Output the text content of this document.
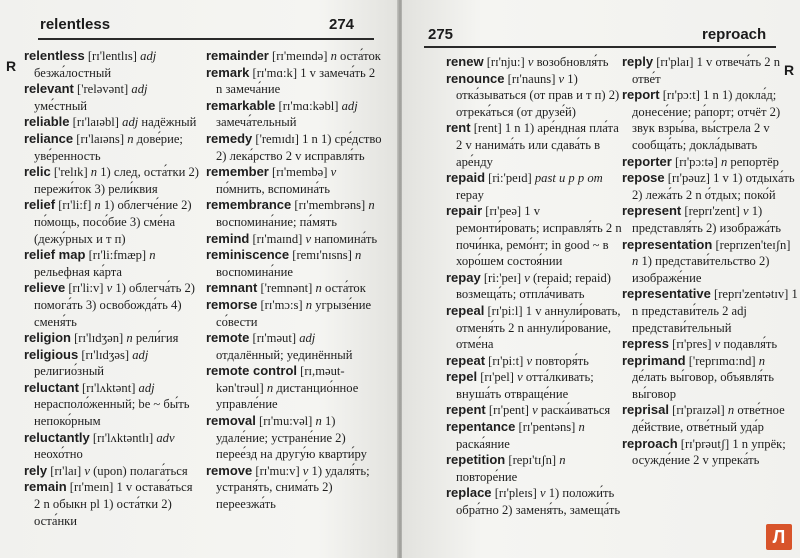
relentless	274
R

relentless [rɪ'lentlɪs] adj безжа́лостный

relevant ['relәvәnt] adj уме́стный

reliable [rɪ'laɪәbl] adj надёжный

reliance [rɪ'laɪәns] n дове́рие; уве́ренность

relic ['relɪk] n 1) след, оста́тки 2) пережи́ток 3) рели́квия

relief [rɪ'li:f] n 1) облегче́ние 2) по́мощь, посо́бие 3) сме́на (дежу́рных и т п)

relief map [rɪ'li:fmæp] n рельефная ка́рта

relieve [rɪ'li:v] v 1) облегча́ть 2) помога́ть 3) освобожда́ть 4) сменя́ть

religion [rɪ'lɪdʒәn] n рели́гия

religious [rɪ'lɪdʒәs] adj религио́зный

reluctant [rɪ'lʌktәnt] adj нерасполо́женный; be ~ бы́ть непоко́рным

reluctantly [rɪ'lʌktәntlɪ] adv неохо́тно

rely [rɪ'laɪ] v (upon) полага́ться

remain [rɪ'meɪn] 1 v остава́ться 2 n обыкн pl 1) оста́тки 2) оста́нки

remainder [rɪ'meɪndә] n оста́ток

remark [rɪ'mɑ:k] 1 v замеча́ть 2 n замеча́ние

remarkable [rɪ'mɑ:kәbl] adj замеча́тельный

remedy ['remɪdɪ] 1 n 1) сре́дство 2) лека́рство 2 v исправля́ть

remember [rɪ'membә] v по́мнить, вспомина́ть

remembrance [rɪ'membrәns] n воспомина́ние; па́мять

remind [rɪ'maɪnd] v напомина́ть

reminiscence [remɪ'nɪsns] n воспомина́ние

remnant ['remnәnt] n оста́ток

remorse [rɪ'mɔ:s] n угрызе́ние со́вести

remote [rɪ'mәut] adj отдалённый; уединённый

remote control [rɪ,mәut-kәn'trәul] n дистанцио́нное управле́ние

removal [rɪ'mu:vәl] n 1) удале́ние; устране́ние 2) перее́зд на другу́ю кварти́ру

remove [rɪ'mu:v] v 1) удаля́ть; устраня́ть, снима́ть 2) переезжа́ть

275	reproach
R

renew [rɪ'nju:] v возобновля́ть

renounce [rɪ'nauns] v 1) отка́зываться (от прав и т п) 2) отрека́ться (от друзе́й)

rent [rent] 1 n 1) аре́ндная пла́та 2 v нанима́ть или сдава́ть в аре́нду

repaid [ri:'peɪd] past и p p от repay

repair [rɪ'peә] 1 v ремонти́ровать; исправля́ть 2 n почи́нка, ремо́нт; in good ~ в хоро́шем состоя́нии

repay [ri:'peɪ] v (repaid; repaid) возмеща́ть; отпла́чивать

repeal [rɪ'pi:l] 1 v аннули́ровать, отменя́ть 2 n аннули́рование, отме́на

repeat [rɪ'pi:t] v повторя́ть

repel [rɪ'pel] v отта́лкивать; внуша́ть отвраще́ние

repent [rɪ'pent] v раска́иваться

repentance [rɪ'pentәns] n раска́яние

repetition [repɪ'tɪʃn] n повторе́ние

replace [rɪ'pleɪs] v 1) положи́ть обра́тно 2) заменя́ть, замеща́ть

reply [rɪ'plaɪ] 1 v отвеча́ть 2 n отве́т

report [rɪ'pɔ:t] 1 n 1) докла́д; донесе́ние; ра́порт; отчёт 2) звук взры́ва, вы́стрела 2 v сообща́ть; докла́дывать

reporter [rɪ'pɔ:tә] n репортёр

repose [rɪ'pәuz] 1 v 1) отдыха́ть 2) лежа́ть 2 n о́тдых; поко́й

represent [reprɪ'zent] v 1) представля́ть 2) изобража́ть

representation [reprɪzen'teɪʃn] n 1) представи́тельство 2) изображе́ние

representative [reprɪ'zentәtɪv] 1 n представи́тель 2 adj представи́тельный

repress [rɪ'pres] v подавля́ть

reprimand ['reprɪmɑ:nd] n де́лать вы́говор, объявля́ть вы́говор

reprisal [rɪ'praɪzәl] n отве́тное де́йствие, отве́тный уда́р

reproach [rɪ'prәutʃ] 1 n упрёк; осужде́ние 2 v упрека́ть

Л
